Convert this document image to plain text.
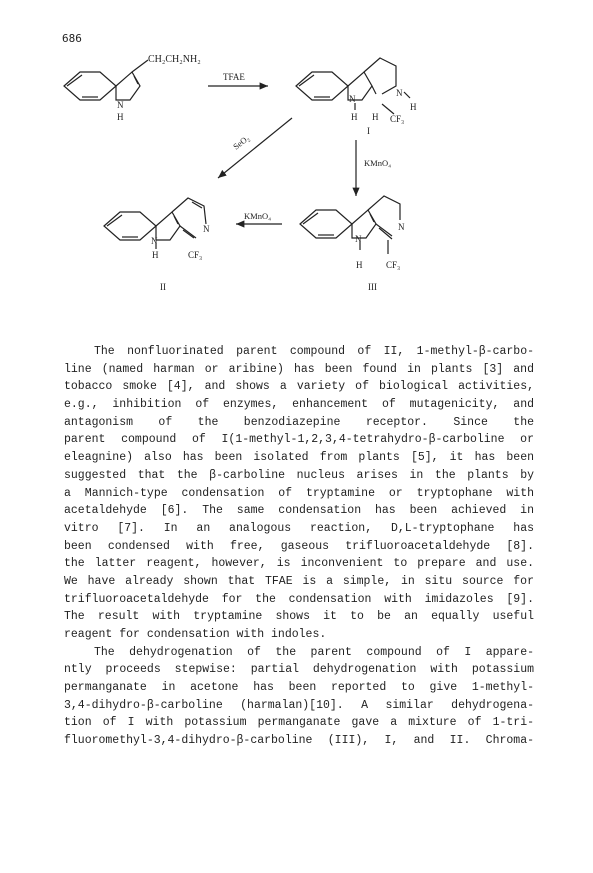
686
CH₂CH₂NH₂
N
H
TFAE
N
H
N
H
H CF₃
I
SeO₂
KMnO₄
KMnO₄
N
N
H	CF₃
II
N
N
H	CF₃
III
The nonfluorinated parent compound of II, 1-methyl-β-carbo-
line (named harman or aribine) has been found in plants [3] and
tobacco smoke [4], and shows a variety of biological activities,
e.g., inhibition of enzymes, enhancement of mutagenicity, and
antagonism of the benzodiazepine receptor. Since the
parent compound of I(1-methyl-1,2,3,4-tetrahydro-β-carboline or
eleagnine) also has been isolated from plants [5], it has been
suggested that the β-carboline nucleus arises in the plants by
a Mannich-type condensation of tryptamine or tryptophane with
acetaldehyde [6]. The same condensation has been achieved in
vitro [7]. In an analogous reaction, D,L-tryptophane has
been condensed with free, gaseous trifluoroacetaldehyde [8].
the latter reagent, however, is inconvenient to prepare and use.
We have already shown that TFAE is a simple, in situ source for
trifluoroacetaldehyde for the condensation with imidazoles [9].
The result with tryptamine shows it to be an equally useful
reagent for condensation with indoles.
The dehydrogenation of the parent compound of I appare-
ntly proceeds stepwise: partial dehydrogenation with potassium
permanganate in acetone has been reported to give 1-methyl-
3,4-dihydro-β-carboline (harmalan)[10]. A similar dehydrogena-
tion of I with potassium permanganate gave a mixture of 1-tri-
fluoromethyl-3,4-dihydro-β-carboline (III), I, and II. Chroma-
